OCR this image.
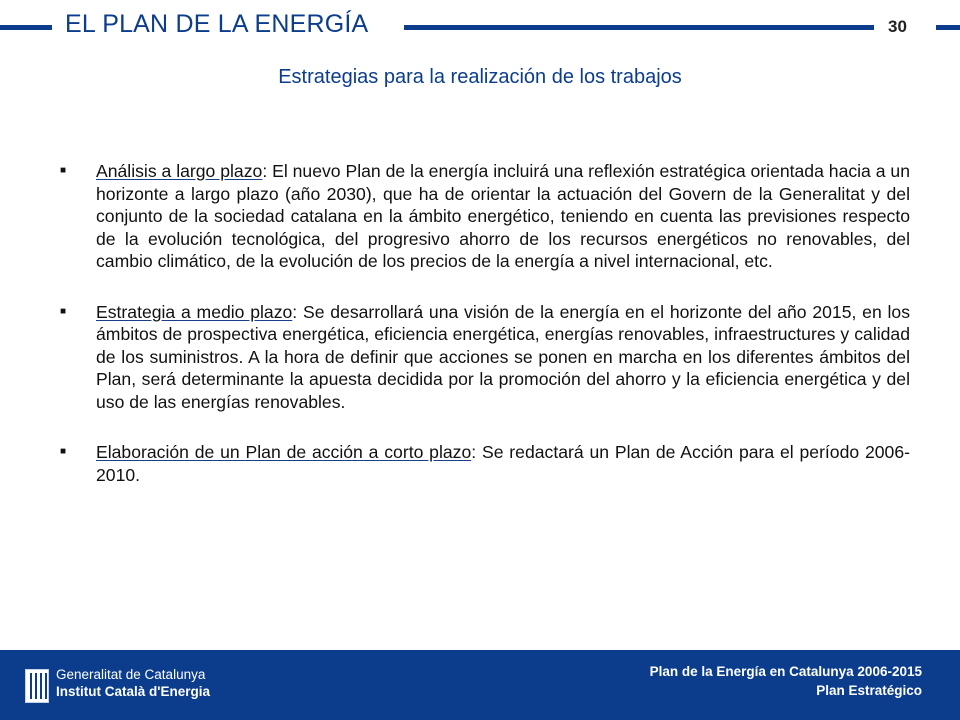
EL PLAN DE LA ENERGÍA	30
Estrategias para la realización de los trabajos
■	Análisis a largo plazo: El nuevo Plan de la energía incluirá una reflexión estratégica orientada hacia a un horizonte a largo plazo (año 2030), que ha de orientar la actuación del Govern de la Generalitat y del conjunto de la sociedad catalana en la ámbito energético, teniendo en cuenta las previsiones respecto de la evolución tecnológica, del progresivo ahorro de los recursos energéticos no renovables, del cambio climático, de la evolución de los precios de la energía a nivel internacional, etc.
■	Estrategia a medio plazo: Se desarrollará una visión de la energía en el horizonte del año 2015, en los ámbitos de prospectiva energética, eficiencia energética, energías renovables, infraestructures y calidad de los suministros. A la hora de definir que acciones se ponen en marcha en los diferentes ámbitos del Plan, será determinante la apuesta decidida por la promoción del ahorro y la eficiencia energética y del uso de las energías renovables.
■	Elaboración de un Plan de acción a corto plazo: Se redactará un Plan de Acción para el período 2006-2010.
Generalitat de Catalunya
Institut Català d'Energia
Plan de la Energía en Catalunya 2006-2015
Plan Estratégico
